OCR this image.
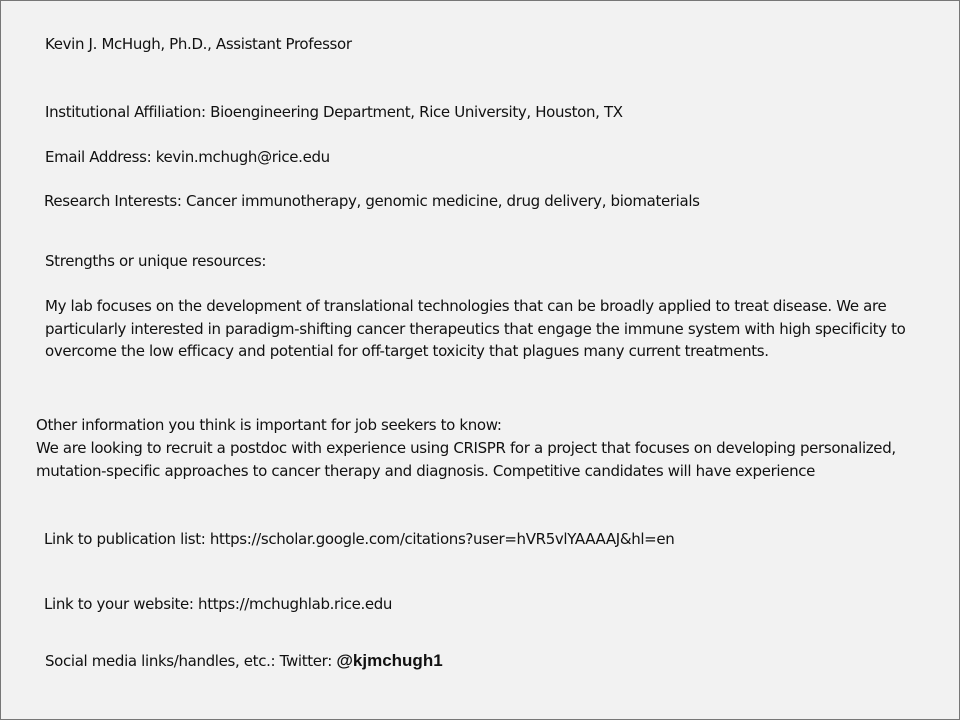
Kevin J. McHugh, Ph.D., Assistant Professor
Institutional Affiliation: Bioengineering Department, Rice University, Houston, TX
Email Address: kevin.mchugh@rice.edu
Research Interests: Cancer immunotherapy, genomic medicine, drug delivery, biomaterials
Strengths or unique resources:
My lab focuses on the development of translational technologies that can be broadly applied to treat disease. We are particularly interested in paradigm-shifting cancer therapeutics that engage the immune system with high specificity to overcome the low efficacy and potential for off-target toxicity that plagues many current treatments.
Other information you think is important for job seekers to know:
We are looking to recruit a postdoc with experience using CRISPR for a project that focuses on developing personalized, mutation-specific approaches to cancer therapy and diagnosis. Competitive candidates will have experience
Link to publication list: https://scholar.google.com/citations?user=hVR5vlYAAAAJ&hl=en
Link to your website: https://mchughlab.rice.edu
Social media links/handles, etc.: Twitter: @kjmchugh1
